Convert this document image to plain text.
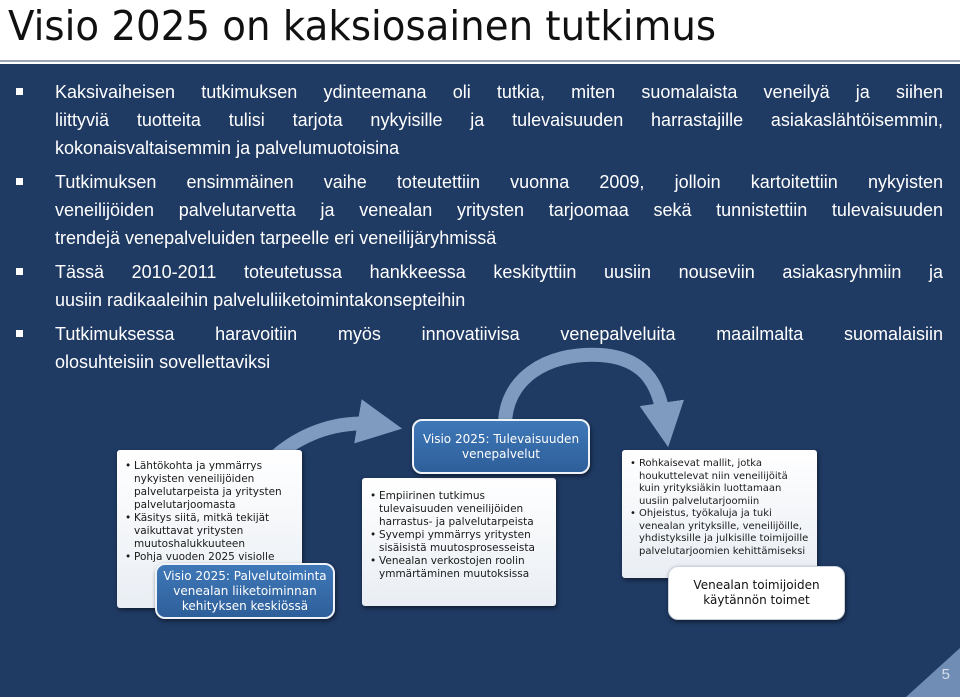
Visio 2025 on kaksiosainen tutkimus
Kaksivaiheisen tutkimuksen ydinteemana oli tutkia, miten suomalaista veneilyä ja siihen
liittyviä tuotteita tulisi tarjota nykyisille ja tulevaisuuden harrastajille asiakaslähtöisemmin,
kokonaisvaltaisemmin ja palvelumuotoisina
Tutkimuksen ensimmäinen vaihe toteutettiin vuonna 2009, jolloin kartoitettiin nykyisten
veneilijöiden palvelutarvetta ja venealan yritysten tarjoomaa sekä tunnistettiin tulevaisuuden
trendejä venepalveluiden tarpeelle eri veneilijäryhmissä
Tässä 2010-2011 toteutetussa hankkeessa keskityttiin uusiin nouseviin asiakasryhmiin ja
uusiin radikaaleihin palveluliiketoimintakonsepteihin
Tutkimuksessa haravoitiin myös innovatiivisa venepalveluita maailmalta suomalaisiin
olosuhteisiin sovellettaviksi
• Lähtökohta ja ymmärrys nykyisten veneilijöiden palvelutarpeista ja yritysten palvelutarjoomasta
• Käsitys siitä, mitkä tekijät vaikuttavat yritysten muutoshalukkuuteen
• Pohja vuoden 2025 visiolle
Visio 2025: Palvelutoiminta venealan liiketoiminnan kehityksen keskiössä
• Empiirinen tutkimus tulevaisuuden veneilijöiden harrastus- ja palvelutarpeista
• Syvempi ymmärrys yritysten sisäisistä muutosprosesseista
• Venealan verkostojen roolin ymmärtäminen muutoksissa
Visio 2025: Tulevaisuuden venepalvelut
• Rohkaisevat mallit, jotka houkuttelevat niin veneilijöitä kuin yrityksiäkin luottamaan uusiin palvelutarjoomiin
• Ohjeistus, työkaluja ja tuki venealan yrityksille, veneilijöille, yhdistyksille ja julkisille toimijoille palvelutarjoomien kehittämiseksi
Venealan toimijoiden käytännön toimet
5
